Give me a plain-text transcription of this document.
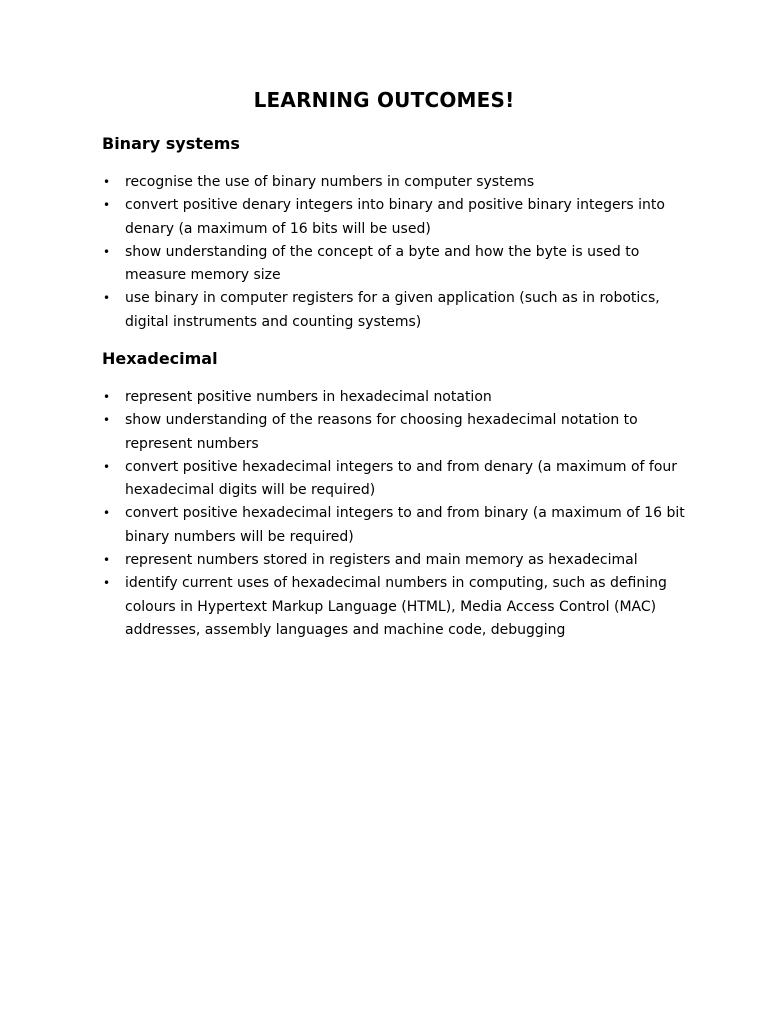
LEARNING OUTCOMES!
Binary systems
• recognise the use of binary numbers in computer systems
• convert positive denary integers into binary and positive binary integers into denary (a maximum of 16 bits will be used)
• show understanding of the concept of a byte and how the byte is used to measure memory size
• use binary in computer registers for a given application (such as in robotics, digital instruments and counting systems)
Hexadecimal
• represent positive numbers in hexadecimal notation
• show understanding of the reasons for choosing hexadecimal notation to represent numbers
• convert positive hexadecimal integers to and from denary (a maximum of four hexadecimal digits will be required)
• convert positive hexadecimal integers to and from binary (a maximum of 16 bit binary numbers will be required)
• represent numbers stored in registers and main memory as hexadecimal
• identify current uses of hexadecimal numbers in computing, such as defining colours in Hypertext Markup Language (HTML), Media Access Control (MAC) addresses, assembly languages and machine code, debugging
